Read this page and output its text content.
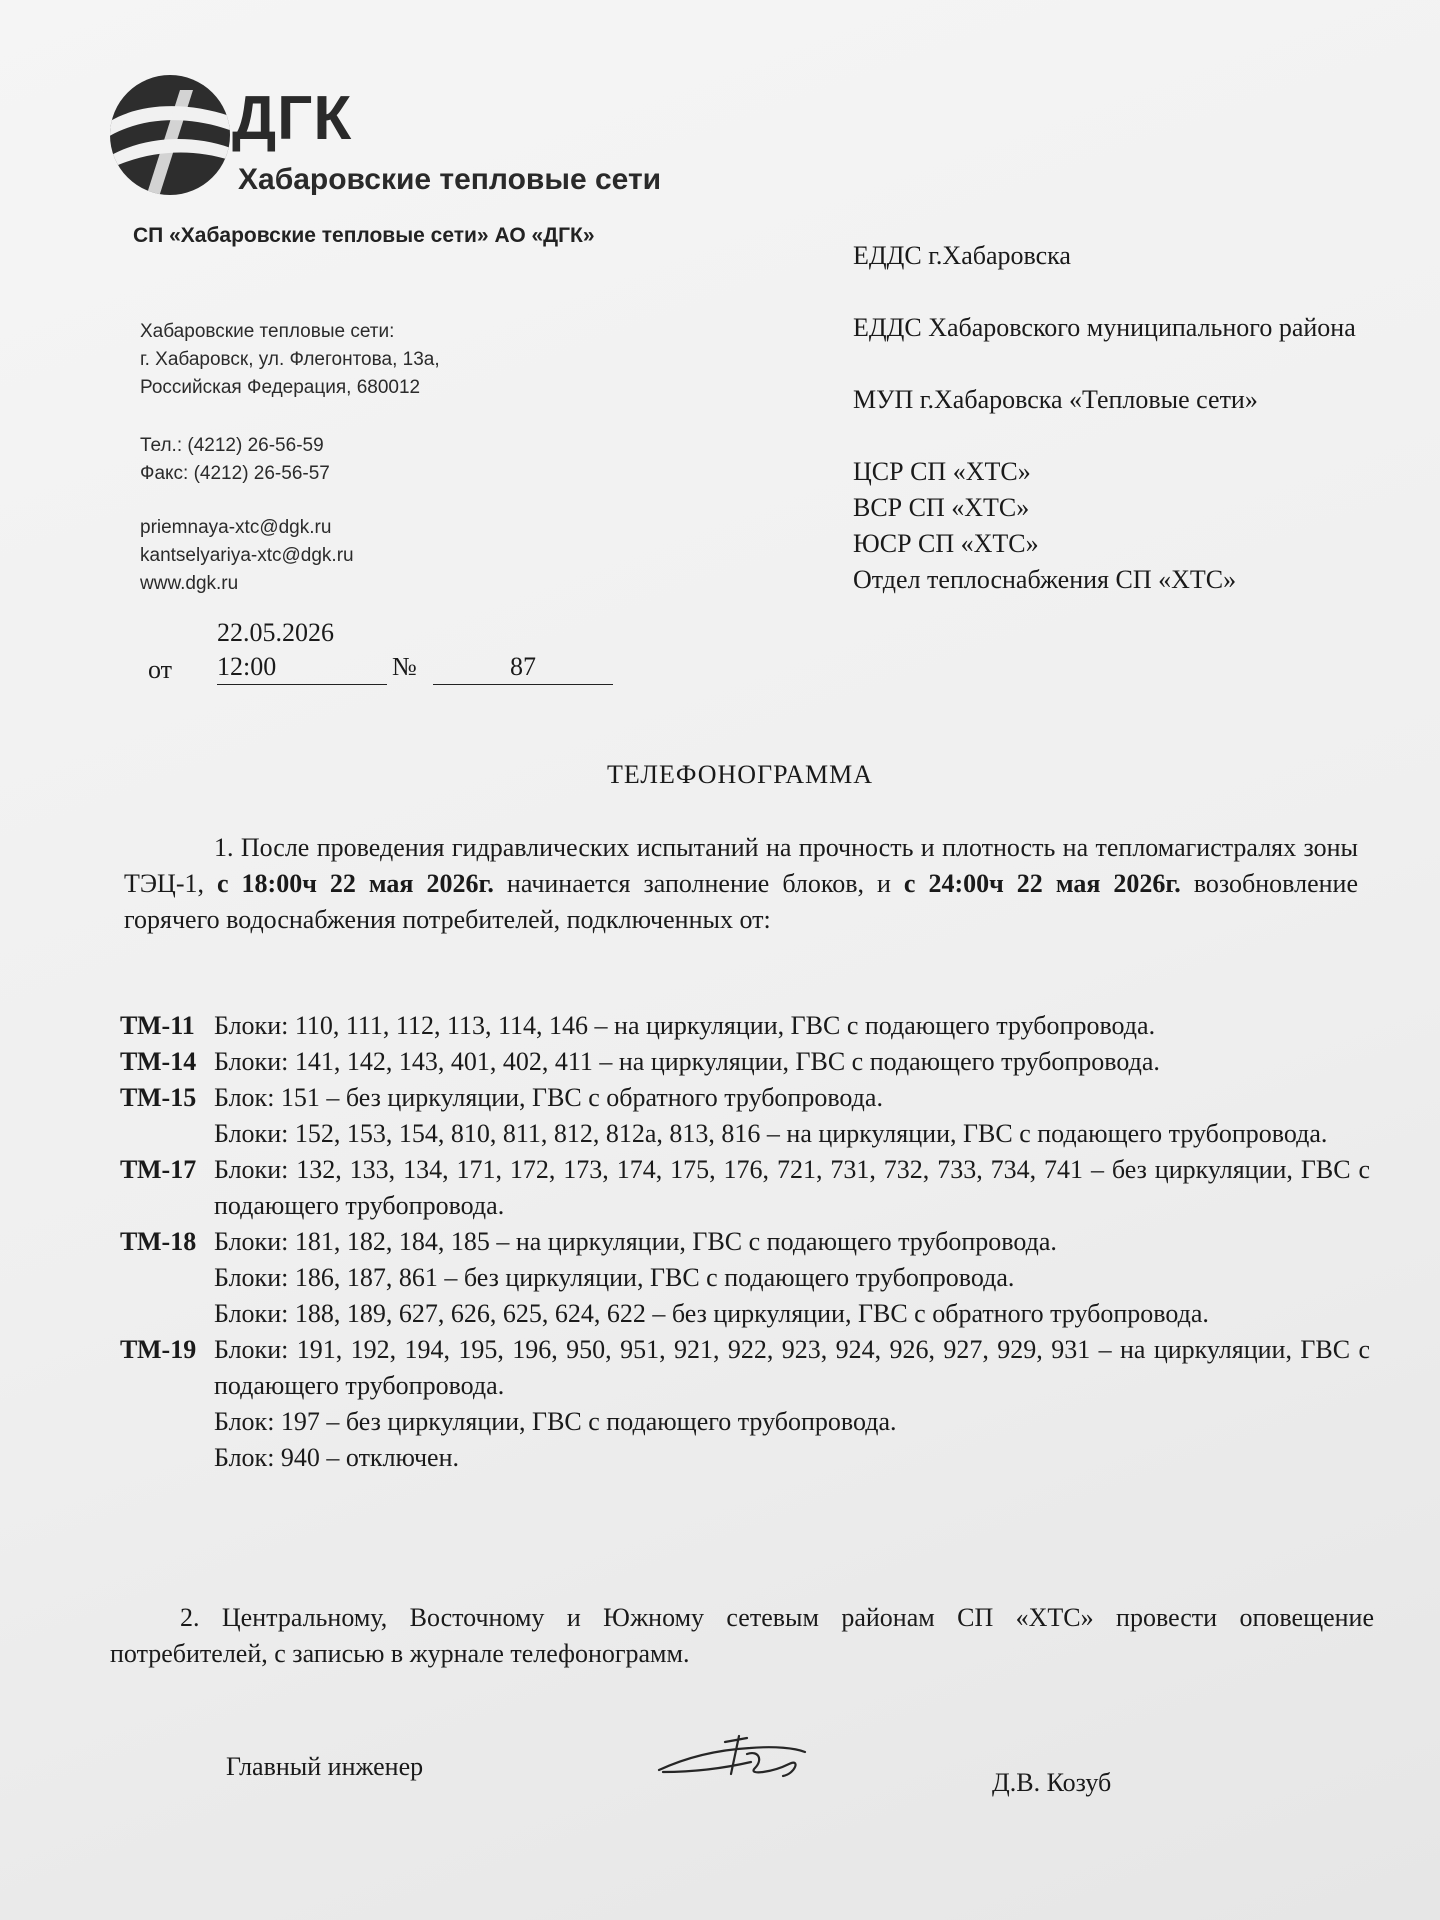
ДГК
Хабаровские тепловые сети
СП «Хабаровские тепловые сети» АО «ДГК»
Хабаровские тепловые сети:
г. Хабаровск, ул. Флегонтова, 13а,
Российская Федерация, 680012
Тел.: (4212) 26-56-59
Факс: (4212) 26-56-57
priemnaya-xtc@dgk.ru
kantselyariya-xtc@dgk.ru
www.dgk.ru
ЕДДС г.Хабаровска
ЕДДС Хабаровского муниципального района
МУП г.Хабаровска «Тепловые сети»
ЦСР СП «ХТС»
ВСР СП «ХТС»
ЮСР СП «ХТС»
Отдел теплоснабжения СП «ХТС»
22.05.2026
от 12:00	№	87
ТЕЛЕФОНОГРАММА
1. После проведения гидравлических испытаний на прочность и плотность на тепломагистралях зоны ТЭЦ-1, с 18:00ч 22 мая 2026г. начинается заполнение блоков, и с 24:00ч 22 мая 2026г. возобновление горячего водоснабжения потребителей, подключенных от:
ТМ-11 Блоки: 110, 111, 112, 113, 114, 146 – на циркуляции, ГВС с подающего трубопровода.
ТМ-14 Блоки: 141, 142, 143, 401, 402, 411 – на циркуляции, ГВС с подающего трубопровода.
ТМ-15 Блок: 151 – без циркуляции, ГВС с обратного трубопровода.
Блоки: 152, 153, 154, 810, 811, 812, 812а, 813, 816 – на циркуляции, ГВС с подающего трубопровода.
ТМ-17 Блоки: 132, 133, 134, 171, 172, 173, 174, 175, 176, 721, 731, 732, 733, 734, 741 – без циркуляции, ГВС с подающего трубопровода.
ТМ-18 Блоки: 181, 182, 184, 185 – на циркуляции, ГВС с подающего трубопровода.
Блоки: 186, 187, 861 – без циркуляции, ГВС с подающего трубопровода.
Блоки: 188, 189, 627, 626, 625, 624, 622 – без циркуляции, ГВС с обратного трубопровода.
ТМ-19 Блоки: 191, 192, 194, 195, 196, 950, 951, 921, 922, 923, 924, 926, 927, 929, 931 – на циркуляции, ГВС с подающего трубопровода.
Блок: 197 – без циркуляции, ГВС с подающего трубопровода.
Блок: 940 – отключен.
2. Центральному, Восточному и Южному сетевым районам СП «ХТС» провести оповещение потребителей, с записью в журнале телефонограмм.
Главный инженер
Д.В. Козуб
